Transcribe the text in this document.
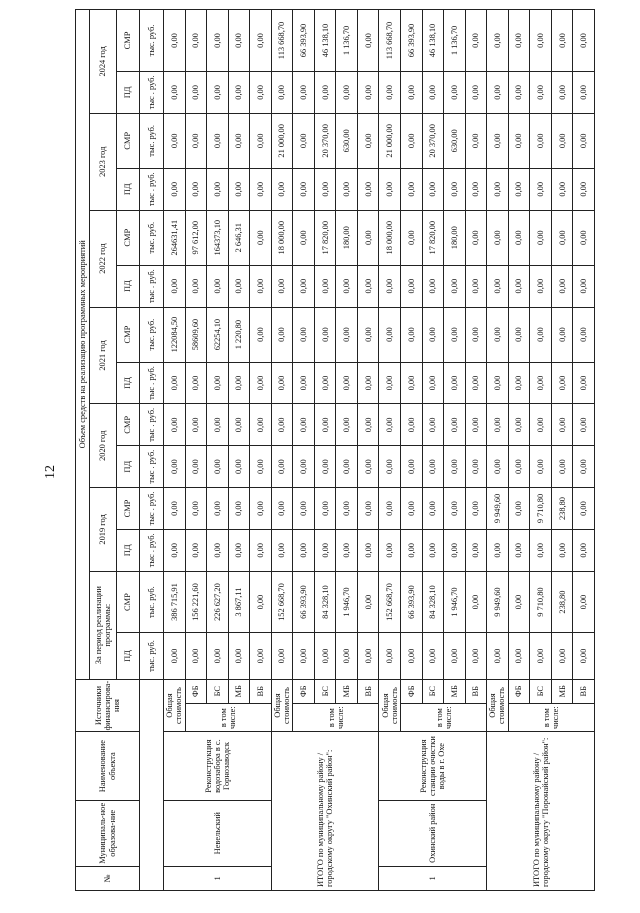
12
№	Муниципаль-ное образова-ние	Наименование объекта	Источники финансирова-ния		Объем средств на реализацию программных мероприятий													
					За период реализации программы:		2019 год		2020 год		2021 год		2022 год		2023 год		2024 год	
					ПД	СМР	ПД	СМР	ПД	СМР	ПД	СМР	ПД	СМР	ПД	СМР	ПД	СМР
					тыс. руб.	тыс. руб.	тыс . руб.	тыс . руб.	тыс . руб.	тыс . руб.	тыс . руб.	тыс. руб.	тыс . руб.	тыс. руб.	тыс . руб.	тыс. руб.	тыс . руб.	тыс. руб.
1	Невельский	Реконструкция водозабора в с. Горнозаводск	Общая стоимость		0,00	386 715,91	0,00	0,00	0,00	0,00	0,00	122084,50	0,00	264631,41	0,00	0,00	0,00	0,00
			в том числе:	ФБ	0,00	156 221,60	0,00	0,00	0,00	0,00	0,00	58609,60	0,00	97 612,00	0,00	0,00	0,00	0,00
				БС	0,00	226 627,20	0,00	0,00	0,00	0,00	0,00	62254,10	0,00	164373,10	0,00	0,00	0,00	0,00
				МБ	0,00	3 867,11	0,00	0,00	0,00	0,00	0,00	1 220,80	0,00	2 646,31	0,00	0,00	0,00	0,00
				ВБ	0,00	0,00	0,00	0,00	0,00	0,00	0,00	0,00	0,00	0,00	0,00	0,00	0,00	0,00
ИТОГО по муниципальному району / городскому округу "Охинский район":			Общая стоимость		0,00	152 668,70	0,00	0,00	0,00	0,00	0,00	0,00	0,00	18 000,00	0,00	21 000,00	0,00	113 668,70
			в том числе:	ФБ	0,00	66 393,90	0,00	0,00	0,00	0,00	0,00	0,00	0,00	0,00	0,00	0,00	0,00	66 393,90
				БС	0,00	84 328,10	0,00	0,00	0,00	0,00	0,00	0,00	0,00	17 820,00	0,00	20 370,00	0,00	46 138,10
				МБ	0,00	1 946,70	0,00	0,00	0,00	0,00	0,00	0,00	0,00	180,00	0,00	630,00	0,00	1 136,70
				ВБ	0,00	0,00	0,00	0,00	0,00	0,00	0,00	0,00	0,00	0,00	0,00	0,00	0,00	0,00
1	Охинский район	Реконструкция станции очистки воды в г. Охе	Общая стоимость		0,00	152 668,70	0,00	0,00	0,00	0,00	0,00	0,00	0,00	18 000,00	0,00	21 000,00	0,00	113 668,70
			в том числе:	ФБ	0,00	66 393,90	0,00	0,00	0,00	0,00	0,00	0,00	0,00	0,00	0,00	0,00	0,00	66 393,90
				БС	0,00	84 328,10	0,00	0,00	0,00	0,00	0,00	0,00	0,00	17 820,00	0,00	20 370,00	0,00	46 138,10
				МБ	0,00	1 946,70	0,00	0,00	0,00	0,00	0,00	0,00	0,00	180,00	0,00	630,00	0,00	1 136,70
				ВБ	0,00	0,00	0,00	0,00	0,00	0,00	0,00	0,00	0,00	0,00	0,00	0,00	0,00	0,00
ИТОГО по муниципальному району / городскому округу "Поронайский район":			Общая стоимость		0,00	9 949,60	0,00	9 949,60	0,00	0,00	0,00	0,00	0,00	0,00	0,00	0,00	0,00	0,00
			в том числе:	ФБ	0,00	0,00	0,00	0,00	0,00	0,00	0,00	0,00	0,00	0,00	0,00	0,00	0,00	0,00
				БС	0,00	9 710,80	0,00	9 710,80	0,00	0,00	0,00	0,00	0,00	0,00	0,00	0,00	0,00	0,00
				МБ	0,00	238,80	0,00	238,80	0,00	0,00	0,00	0,00	0,00	0,00	0,00	0,00	0,00	0,00
				ВБ	0,00	0,00	0,00	0,00	0,00	0,00	0,00	0,00	0,00	0,00	0,00	0,00	0,00	0,00
